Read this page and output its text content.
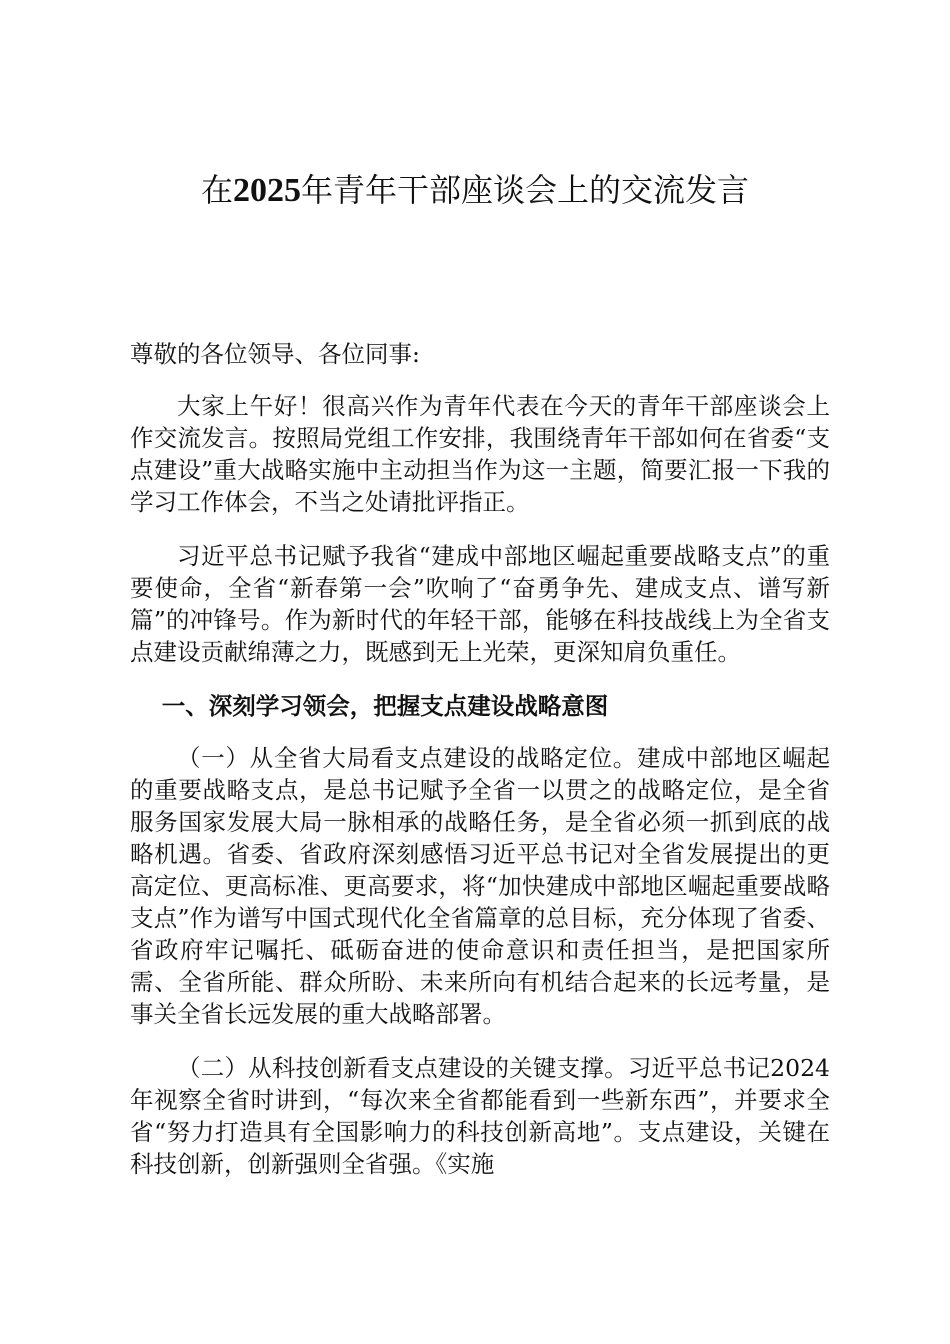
在2025年青年干部座谈会上的交流发言

尊敬的各位领导、各位同事:

大家上午好！很高兴作为青年代表在今天的青年干部座谈会上作交流发言。按照局党组工作安排，我围绕青年干部如何在省委“支点建设”重大战略实施中主动担当作为这一主题，简要汇报一下我的学习工作体会，不当之处请批评指正。

习近平总书记赋予我省“建成中部地区崛起重要战略支点”的重要使命，全省“新春第一会”吹响了“奋勇争先、建成支点、谱写新篇”的冲锋号。作为新时代的年轻干部，能够在科技战线上为全省支点建设贡献绵薄之力，既感到无上光荣，更深知肩负重任。

一、深刻学习领会，把握支点建设战略意图

（一）从全省大局看支点建设的战略定位。建成中部地区崛起的重要战略支点，是总书记赋予全省一以贯之的战略定位，是全省服务国家发展大局一脉相承的战略任务，是全省必须一抓到底的战略机遇。省委、省政府深刻感悟习近平总书记对全省发展提出的更高定位、更高标准、更高要求，将“加快建成中部地区崛起重要战略支点”作为谱写中国式现代化全省篇章的总目标，充分体现了省委、省政府牢记嘱托、砥砺奋进的使命意识和责任担当，是把国家所需、全省所能、群众所盼、未来所向有机结合起来的长远考量，是事关全省长远发展的重大战略部署。

（二）从科技创新看支点建设的关键支撑。习近平总书记2024 年视察全省时讲到，“每次来全省都能看到一些新东西”，并要求全省“努力打造具有全国影响力的科技创新高地”。支点建设，关键在科技创新，创新强则全省强。《实施
